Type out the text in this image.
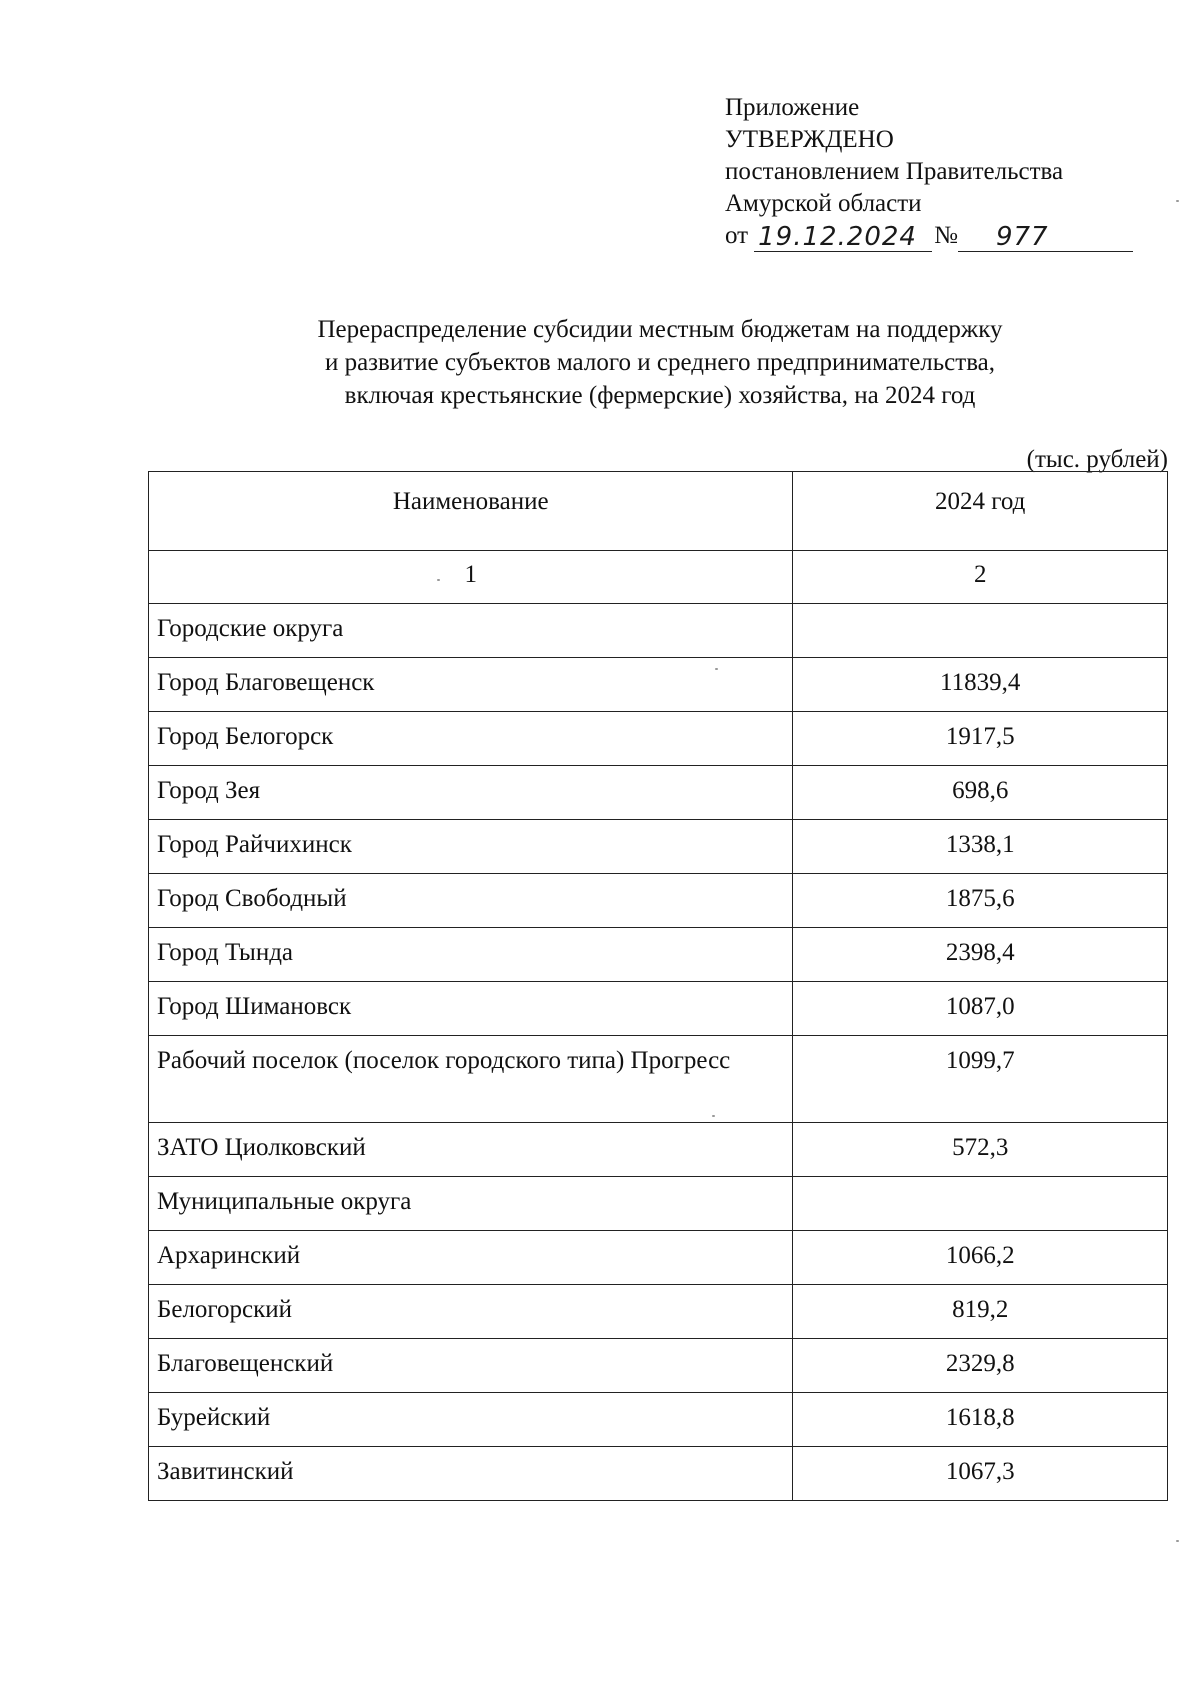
Приложение
УТВЕРЖДЕНО
постановлением Правительства
Амурской области
от 19.12.2024 №	977
Перераспределение субсидии местным бюджетам на поддержку
и развитие субъектов малого и среднего предпринимательства,
включая крестьянские (фермерские) хозяйства, на 2024 год
(тыс. рублей)
Наименование	2024 год
1	2
Городские округа	
Город Благовещенск	11839,4
Город Белогорск	1917,5
Город Зея	698,6
Город Райчихинск	1338,1
Город Свободный	1875,6
Город Тында	2398,4
Город Шимановск	1087,0
Рабочий поселок (поселок городского типа) Прогресс	1099,7
ЗАТО Циолковский	572,3
Муниципальные округа	
Архаринский	1066,2
Белогорский	819,2
Благовещенский	2329,8
Бурейский	1618,8
Завитинский	1067,3
